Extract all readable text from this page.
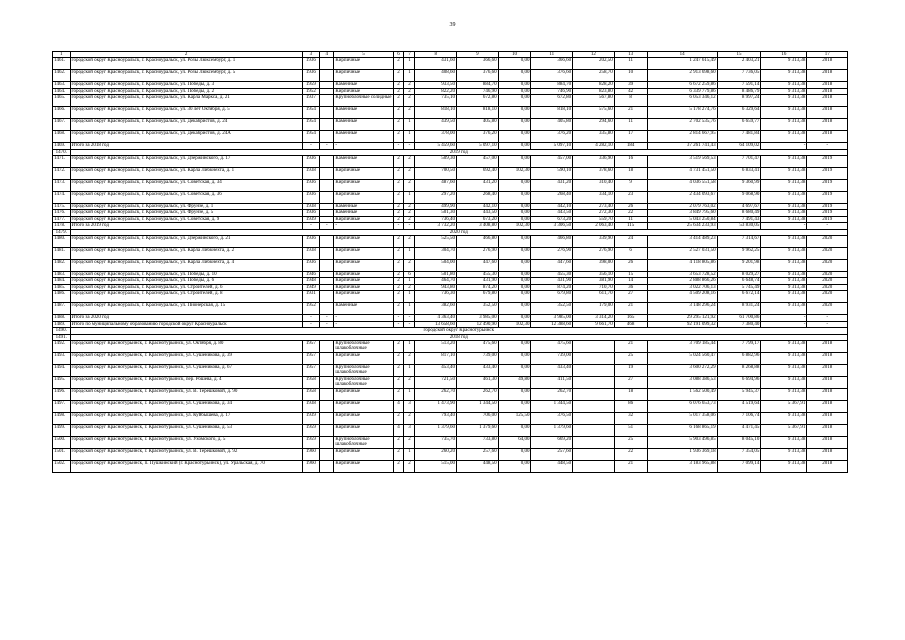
39
1	2	3	4	5	6	7	8	9	10	11	12	13	14	15	16	17
1461.	городской округ Красноуральск, г. Красноуральск, ул. Розы Люксембург, д. 1	1936		Кирпичные	2	1	431,60	366,60	0,00	366,60	202,50	11	1 247 615,49	2 403,21	9 313,38	2018
1462.	городской округ Красноуральск, г. Красноуральск, ул. Розы Люксембург, д. 5	1936		Кирпичные	2	1	408,60	376,60	0,00	376,60	258,70	10	2 913 698,60	7 736,05	9 313,38	2018
1463.	городской округ Красноуральск, г. Красноуральск, ул. Победы, д. 3	1959		Каменные	2	2	933,50	884,70	0,00	884,70	828,20	39	6 672 259,86	7 591,14	9 313,38	2018
1464.	городской округ Красноуральск, г. Красноуральск, ул. Победы, д. 2	1952		Кирпичные	2	2	822,20	746,90	0,00	746,90	823,80	42	6 339 779,86	8 486,79	9 313,38	2018
1465.	городской округ Красноуральск, г. Красноуральск, ул. Карла Маркса, д. 21	1937		Крупноблочные солидные	2	2	735,10	672,80	0,00	672,80	567,80	8	6 053 346,12	8 997,24	9 313,38	2018
1466.	городской округ Красноуральск, г. Красноуральск, ул. 30 лет Октября, д. 5	1954		Каменные	2	2	818,10	818,10	0,00	818,10	575,60	21	5 178 274,76	6 329,64	9 313,38	2018
1467.	городской округ Красноуральск, г. Красноуральск, ул. Декабристов, д. 24	1954		Каменные	2	1	439,50	405,80	0,00	405,80	294,60	11	2 702 535,76	6 659,77	9 313,38	2018
1468.	городской округ Красноуральск, г. Красноуральск, ул. Декабристов, д. 24А	1954		Каменные	2	1	378,00	376,20	0,00	376,20	335,80	17	2 814 667,95	7 481,84	9 313,38	2018
1469.	Итого за 2018 год	-	-	-	-	-	5 459,60	5 097,10	0,00	5 097,10	4 282,10	184	37 261 741,43	64 109,02	-	-
1470.	2019 год															
1471.	городской округ Красноуральск, г. Красноуральск, ул. Дзержинского, д. 17	1936		Каменные	2	2	509,30	457,00	0,00	457,00	336,90	16	3 519 569,53	7 701,47	9 313,38	2019
1472.	городской округ Красноуральск, г. Красноуральск, ул. Карла Либкнехта, д. 1	1938		Кирпичные	2	2	700,50	692,40	102,30	590,10	378,60	18	4 731 451,50	6 833,41	9 313,38	2019
1473.	городской округ Красноуральск, г. Красноуральск, ул. Советская, д. 34	1936		Кирпичные	2	2	487,60	431,20	0,00	431,20	310,40	9	4 036 551,58	9 360,99	9 313,38	2019
1474.	городской округ Красноуральск, г. Красноуральск, ул. Советская, д. 36	1936		Кирпичные	2	1	297,20	268,40	0,00	268,40	334,10	23	2 434 093,67	9 068,90	9 313,38	2019
1475.	городской округ Красноуральск, г. Красноуральск, ул. Фрунзе, д. 1	1938		Каменные	2	2	499,90	442,10	0,00	442,10	273,40	26	2 079 763,02	4 697,67	9 313,38	2019
1476.	городской округ Красноуральск, г. Красноуральск, ул. Фрунзе, д. 5	1936		Каменные	2	2	501,30	443,50	0,00	443,50	272,30	22	3 849 795,60	8 680,49	9 313,38	2019
1477.	городской округ Красноуральск, г. Красноуральск, ул. Советская, д. 9	1939		Кирпичные	2	2	736,40	673,20	0,00	673,20	559,70	11	5 043 250,84	7 491,43	9 313,38	2019
1478.	Итого за 2019 год	-	-	-	-	-	3 732,20	3 408,80	102,30	3 306,50	2 063,40	115	25 634 233,93	53 830,05	-	-
1479.	2020 год															
1480.	городской округ Красноуральск, г. Красноуральск, ул. Дзержинского, д. 21	1936		Кирпичные	2	2	525,50	466,80	0,00	466,80	339,90	24	3 414 489,23	7 314,67	9 313,38	2020
1481.	городской округ Красноуральск, г. Красноуральск, ул. Карла Либкнехта, д. 2	1938		Кирпичные	2	1	304,70	276,90	0,00	276,90	276,90	6	2 527 031,50	9 962,25	9 313,38	2020
1482.	городской округ Красноуральск, г. Красноуральск, ул. Карла Либкнехта, д. 4	1936		Кирпичные	2	2	504,00	447,60	0,00	447,60	398,00	26	4 118 805,86	9 201,98	9 313,38	2020
1483.	городской округ Красноуральск, г. Красноуральск, ул. Победы, д. 10	1946		Кирпичные	2	6	501,80	455,30	0,00	455,30	356,10	15	3 653 728,52	8 029,27	9 313,38	2020
1484.	городской округ Красноуральск, г. Красноуральск, ул. Победы, д. 6	1948		Кирпичные	2	1	464,70	431,90	0,00	431,90	381,90	14	2 888 866,26	6 648,74	9 313,38	2020
1485.	городской округ Красноуральск, г. Красноуральск, ул. Строителей, д. 6	1949		Кирпичные	2	2	943,80	874,20	0,00	874,20	710,70	36	3 022 706,13	5 745,49	9 313,38	2020
1486.	городской округ Красноуральск, г. Красноуральск, ул. Строителей, д. 8	1931		Кирпичные	2	1	736,30	679,80	0,00	679,80	611,70	27	4 509 208,16	6 672,14	9 313,38	2020
1487.	городской округ Красноуральск, г. Красноуральск, ул. Пионерская, д. 15	1952		Каменные	2	1	382,60	352,50	0,00	352,50	179,00	21	3 148 296,24	8 931,24	9 313,38	2020
1488.	Итого за 2020 год	-	-	-	-	-	4 363,40	3 985,00	0,00	3 985,00	3 314,20	165	29 295 121,92	61 700,86	-	-
1489.	Итого по муниципальному образованию городской округ Красноуральск	-	-	-	-	-	13 658,60	12 490,90	102,30	12 388,60	9 661,70	468	92 191 099,32	7 380,40	-	-
1490.	городской округ Краснотурьинск															
1491.	2018 год															
1492.	городской округ Краснотурьинск, г. Краснотурьинск, ул. Октября, д. 80	1957		Крупноблочные шлакоблочные	2	1	513,20	475,60	0,00	475,60		21	3 709 185,44	7 799,17	9 313,38	2018
1493.	городской округ Краснотурьинск, г. Краснотурьинск, ул. Сушеникова, д. 39	1957		Кирпичные	2	2	817,10	739,00	0,00	739,00		25	5 024 560,47	6 882,96	9 313,38	2018
1494.	городской округ Краснотурьинск, г. Краснотурьинск, ул. Сушеникова, д. 67	1957		Крупноблочные шлакоблочные	2	1	453,40	433,40	0,00	433,40		19	3 600 272,29	8 268,88	9 313,38	2018
1495.	городской округ Краснотурьинск, г. Краснотурьинск, пер. Рошева, д. 4	1958		Крупноблочные шлакоблочные	2	2	721,50	461,30	49,80	411,50		27	3 088 386,53	6 694,96	9 313,38	2018
1496.	городской округ Краснотурьинск, г. Краснотурьинск, ул. В. Терешковой, д. 90	1958		Кирпичные	2	1	262,70	262,70	0,00	262,70		18	1 562 500,49	5 945,37	9 313,38	2018
1497.	городской округ Краснотурьинск, г. Краснотурьинск, ул. Сушеникова, д. 34	1938		Кирпичные	4	3	1 473,90	1 344,50	0,00	1 344,50		86	6 076 653,73	4 519,64	5 367,91	2018
1498.	городской округ Краснотурьинск, г. Краснотурьинск, ул. Куйбышева, д. 17	1939		Кирпичные	2	2	793,40	706,00	125,50	376,50		32	5 017 358,06	7 106,74	9 313,38	2018
1499.	городской округ Краснотурьинск, г. Краснотурьинск, ул. Сушеникова, д. 53	1959		Кирпичные	4	3	1 379,60	1 379,60	0,00	1 379,60		51	6 168 865,19	4 471,45	5 367,91	2018
1500.	городской округ Краснотурьинск, г. Краснотурьинск, ул. Ухомского, д. 5	1959		Крупноблочные шлакоблочные	2	2	735,70	733,80	64,00	669,20		25	5 903 496,85	8 045,10	9 313,38	2018
1501.	городской округ Краснотурьинск, г. Краснотурьинск, ул. В. Терешковой, д. 92	1960		Кирпичные	2	1	260,20	257,60	0,00	257,60		22	1 936 369,18	7 354,05	9 313,38	2018
1502.	городской округ Краснотурьинск, п. Пушкинский (г. Краснотурьинск), ул. Уральская, д. 70	1960		Кирпичные	2	2	515,00	448,50	0,00	448,50		21	3 183 965,88	7 099,14	9 313,38	2018
